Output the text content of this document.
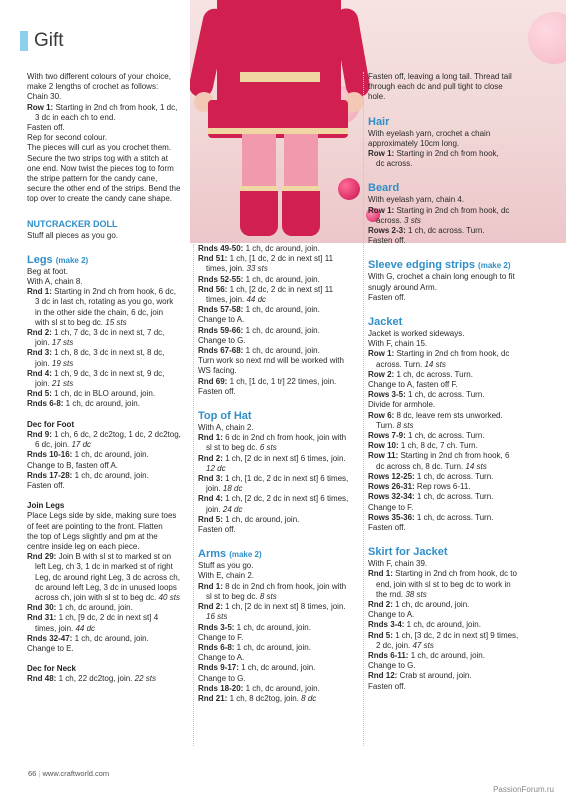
Gift
With two different colours of your choice,
make 2 lengths of crochet as follows:
Chain 30.
Row 1: Starting in 2nd ch from hook, 1 dc,
3 dc in each ch to end.
Fasten off.
Rep for second colour.
The pieces will curl as you crochet them.
Secure the two strips tog with a stitch at
one end. Now twist the pieces tog to form
the stripe pattern for the candy cane,
secure the other end of the strips. Bend the
top over to create the candy cane shape.
NUTCRACKER DOLL
Stuff all pieces as you go.
Legs (make 2)
Beg at foot.
With A, chain 8.
Rnd 1: Starting in 2nd ch from hook, 6 dc,
3 dc in last ch, rotating as you go, work
in the other side the chain, 6 dc, join
with sl st to beg dc. 15 sts
Rnd 2: 1 ch, 7 dc, 3 dc in next st, 7 dc,
join. 17 sts
Rnd 3: 1 ch, 8 dc, 3 dc in next st, 8 dc,
join. 19 sts
Rnd 4: 1 ch, 9 dc, 3 dc in next st, 9 dc,
join. 21 sts
Rnd 5: 1 ch, dc in BLO around, join.
Rnds 6-8: 1 ch, dc around, join.
Dec for Foot
Rnd 9: 1 ch, 6 dc, 2 dc2tog, 1 dc, 2 dc2tog,
6 dc, join. 17 dc
Rnds 10-16: 1 ch, dc around, join.
Change to B, fasten off A.
Rnds 17-28: 1 ch, dc around, join.
Fasten off.
Join Legs
Place Legs side by side, making sure toes
of feet are pointing to the front. Flatten
the top of Legs slightly and pm at the
centre inside leg on each piece.
Rnd 29: Join B with sl st to marked st on
left Leg, ch 3, 1 dc in marked st of right
Leg, dc around right Leg, 3 dc across ch,
dc around left Leg, 3 dc in unused loops
across ch, join with sl st to beg dc. 40 sts
Rnd 30: 1 ch, dc around, join.
Rnd 31: 1 ch, [9 dc, 2 dc in next st] 4
times, join. 44 dc
Rnds 32-47: 1 ch, dc around, join.
Change to E.
Dec for Neck
Rnd 48: 1 ch, 22 dc2tog, join. 22 sts
Rnds 49-50: 1 ch, dc around, join.
Rnd 51: 1 ch, [1 dc, 2 dc in next st] 11
times, join. 33 sts
Rnds 52-55: 1 ch, dc around, join.
Rnd 56: 1 ch, [2 dc, 2 dc in next st] 11
times, join. 44 dc
Rnds 57-58: 1 ch, dc around, join.
Change to A.
Rnds 59-66: 1 ch, dc around, join.
Change to G.
Rnds 67-68: 1 ch, dc around, join.
Turn work so next rnd will be worked with
WS facing.
Rnd 69: 1 ch, [1 dc, 1 tr] 22 times, join.
Fasten off.
Top of Hat
With A, chain 2.
Rnd 1: 6 dc in 2nd ch from hook, join with
sl st to beg dc. 6 sts
Rnd 2: 1 ch, [2 dc in next st] 6 times, join.
12 dc
Rnd 3: 1 ch, [1 dc, 2 dc in next st] 6 times,
join. 18 dc
Rnd 4: 1 ch, [2 dc, 2 dc in next st] 6 times,
join. 24 dc
Rnd 5: 1 ch, dc around, join.
Fasten off.
Arms (make 2)
Stuff as you go.
With E, chain 2.
Rnd 1: 8 dc in 2nd ch from hook, join with
sl st to beg dc. 8 sts
Rnd 2: 1 ch, [2 dc in next st] 8 times, join.
16 sts
Rnds 3-5: 1 ch, dc around, join.
Change to F.
Rnds 6-8: 1 ch, dc around, join.
Change to A.
Rnds 9-17: 1 ch, dc around, join.
Change to G.
Rnds 18-20: 1 ch, dc around, join.
Rnd 21: 1 ch, 8 dc2tog, join. 8 dc
Fasten off, leaving a long tail. Thread tail
through each dc and pull tight to close
hole.
Hair
With eyelash yarn, crochet a chain
approximately 10cm long.
Row 1: Starting in 2nd ch from hook,
dc across.
Beard
With eyelash yarn, chain 4.
Row 1: Starting in 2nd ch from hook, dc
across. 3 sts
Rows 2-3: 1 ch, dc across. Turn.
Fasten off.
Sleeve edging strips (make 2)
With G, crochet a chain long enough to fit
snugly around Arm.
Fasten off.
Jacket
Jacket is worked sideways.
With F, chain 15.
Row 1: Starting in 2nd ch from hook, dc
across. Turn. 14 sts
Row 2: 1 ch, dc across. Turn.
Change to A, fasten off F.
Rows 3-5: 1 ch, dc across. Turn.
Divide for armhole.
Row 6: 8 dc, leave rem sts unworked.
Turn. 8 sts
Rows 7-9: 1 ch, dc across. Turn.
Row 10: 1 ch, 8 dc, 7 ch. Turn.
Row 11: Starting in 2nd ch from hook, 6
dc across ch, 8 dc. Turn. 14 sts
Rows 12-25: 1 ch, dc across. Turn.
Rows 26-31: Rep rows 6-11.
Rows 32-34: 1 ch, dc across. Turn.
Change to F.
Rows 35-36: 1 ch, dc across. Turn.
Fasten off.
Skirt for Jacket
With F, chain 39.
Rnd 1: Starting in 2nd ch from hook, dc to
end, join with sl st to beg dc to work in
the rnd. 38 sts
Rnd 2: 1 ch, dc around, join.
Change to A.
Rnds 3-4: 1 ch, dc around, join.
Rnd 5: 1 ch, [3 dc, 2 dc in next st] 9 times,
2 dc, join. 47 sts
Rnds 6-11: 1 ch, dc around, join.
Change to G.
Rnd 12: Crab st around, join.
Fasten off.
66 | www.craftworld.com
PassionForum.ru
